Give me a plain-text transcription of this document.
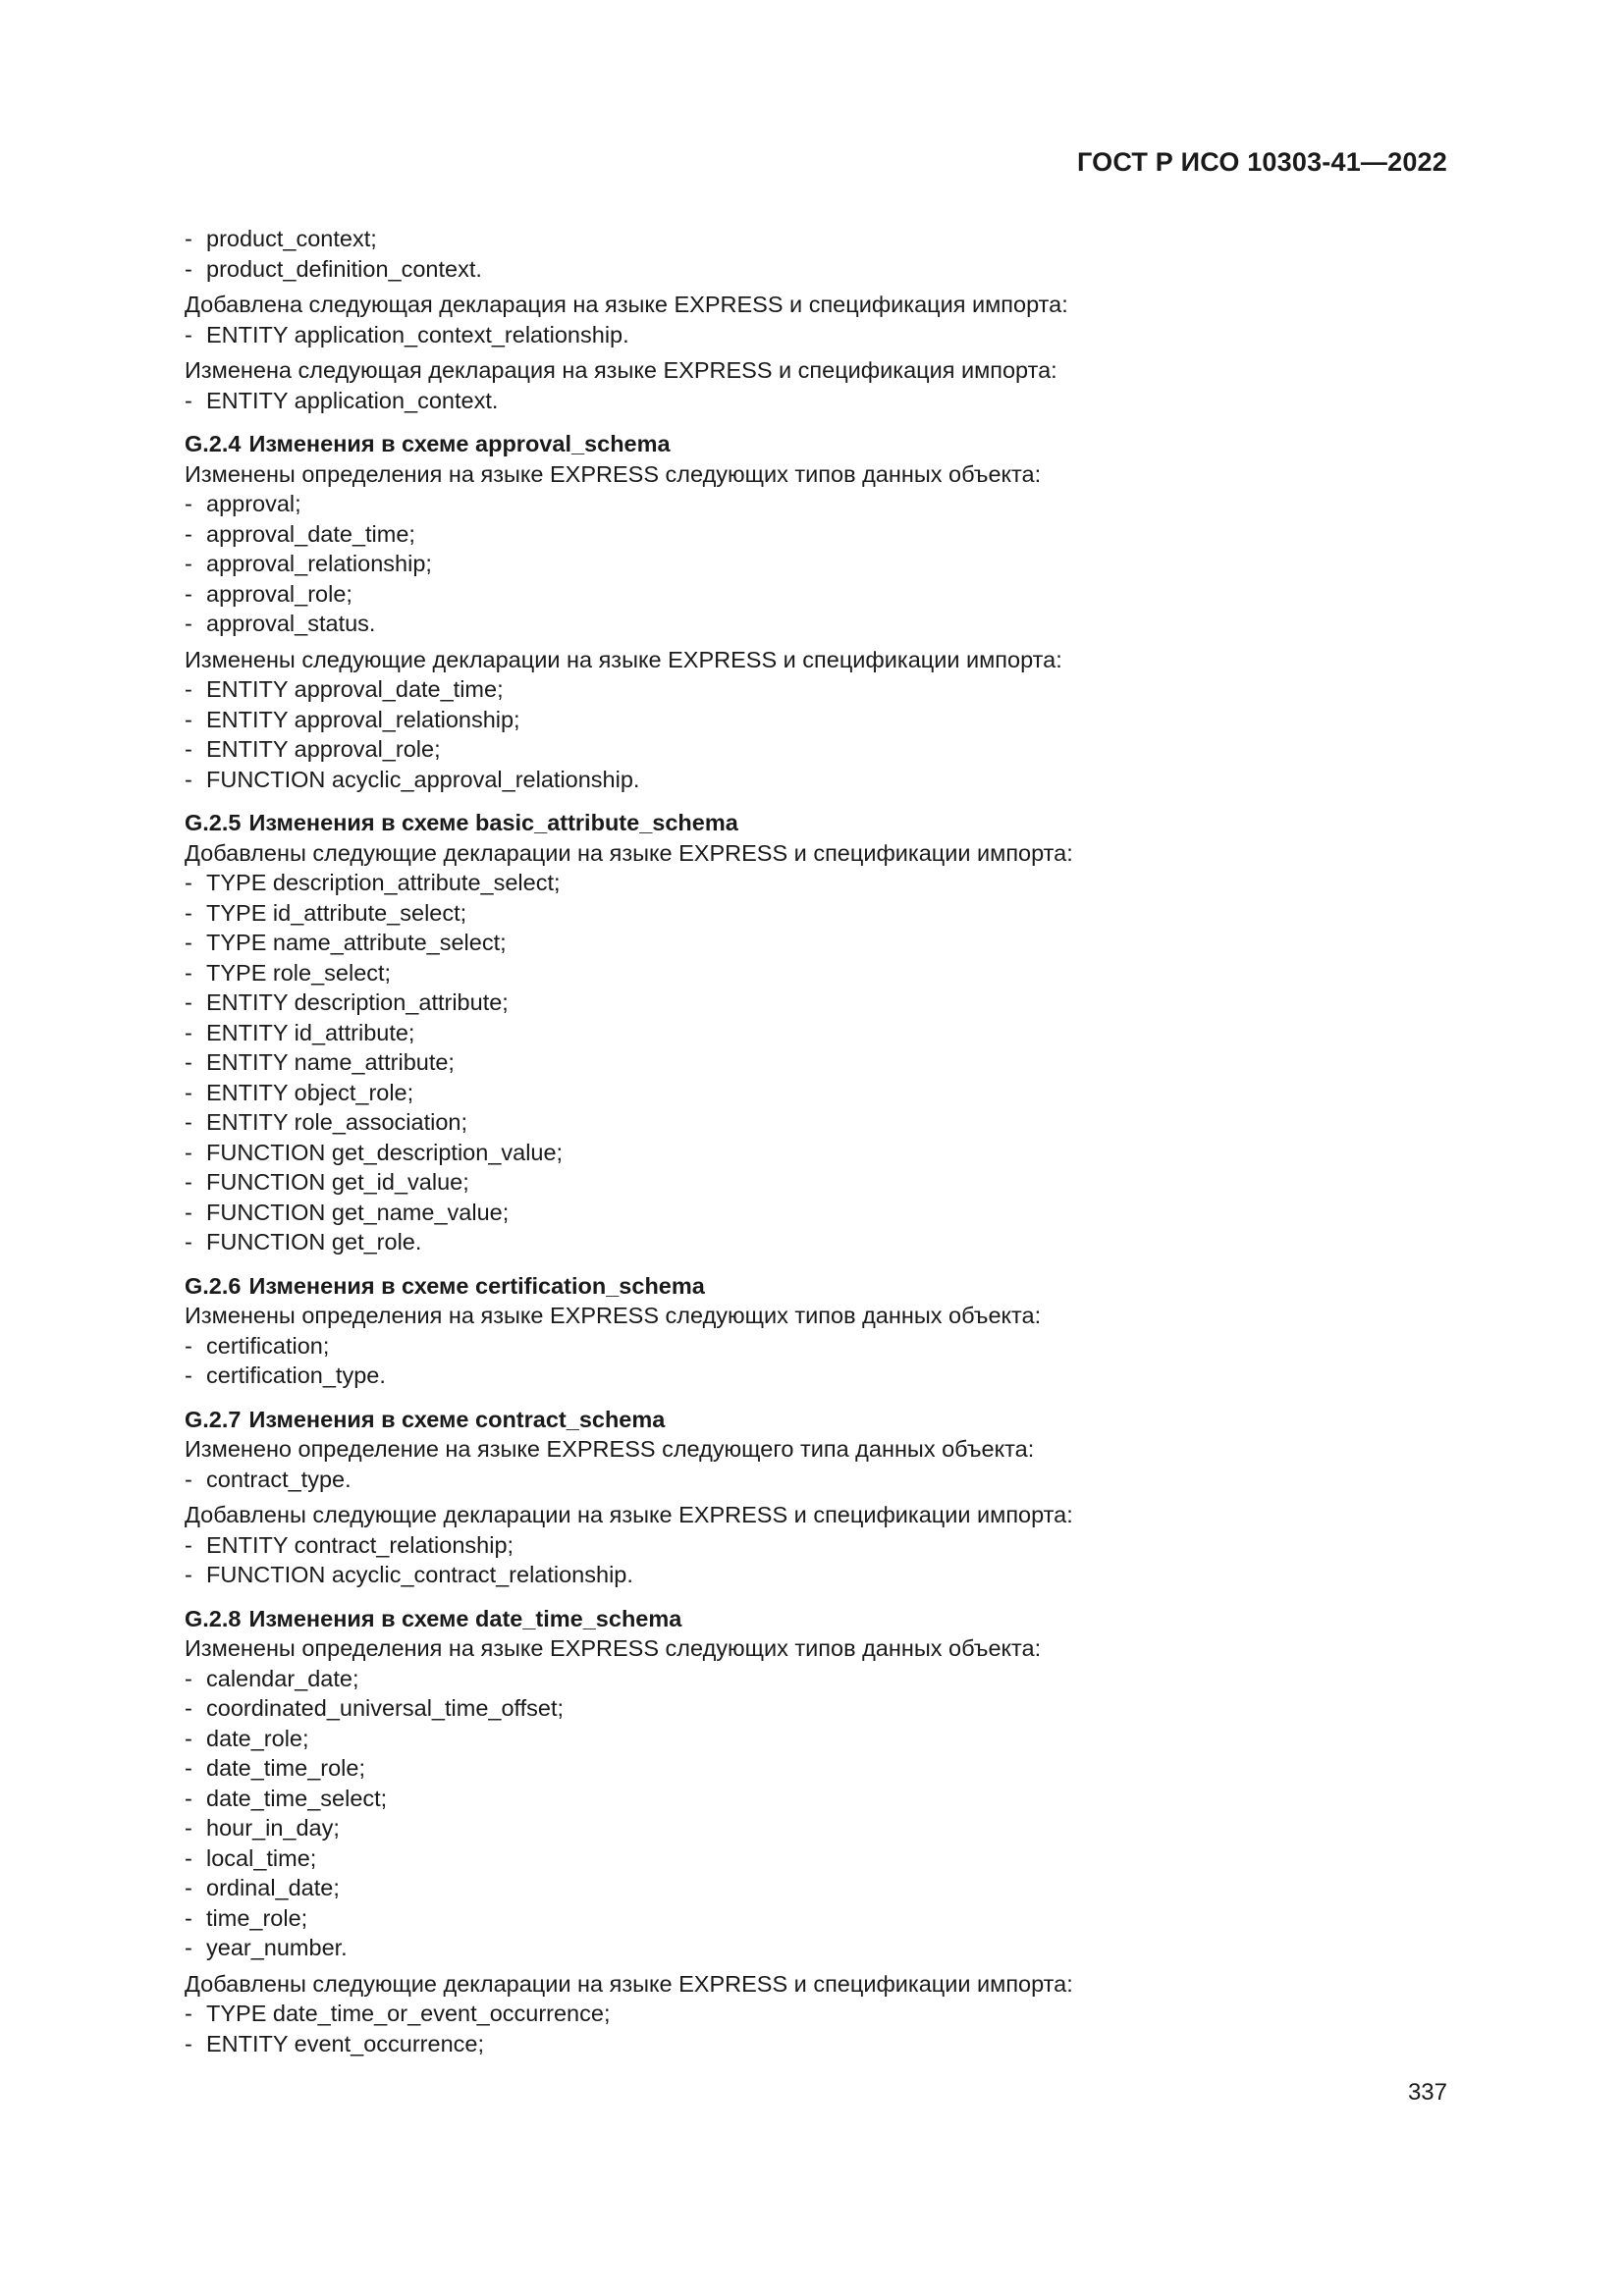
ГОСТ Р ИСО 10303-41—2022
- product_context;
- product_definition_context.
Добавлена следующая декларация на языке EXPRESS и спецификация импорта:
- ENTITY application_context_relationship.
Изменена следующая декларация на языке EXPRESS и спецификация импорта:
- ENTITY application_context.
G.2.4 Изменения в схеме approval_schema
Изменены определения на языке EXPRESS следующих типов данных объекта:
- approval;
- approval_date_time;
- approval_relationship;
- approval_role;
- approval_status.
Изменены следующие декларации на языке EXPRESS и спецификации импорта:
- ENTITY approval_date_time;
- ENTITY approval_relationship;
- ENTITY approval_role;
- FUNCTION acyclic_approval_relationship.
G.2.5 Изменения в схеме basic_attribute_schema
Добавлены следующие декларации на языке EXPRESS и спецификации импорта:
- TYPE description_attribute_select;
- TYPE id_attribute_select;
- TYPE name_attribute_select;
- TYPE role_select;
- ENTITY description_attribute;
- ENTITY id_attribute;
- ENTITY name_attribute;
- ENTITY object_role;
- ENTITY role_association;
- FUNCTION get_description_value;
- FUNCTION get_id_value;
- FUNCTION get_name_value;
- FUNCTION get_role.
G.2.6 Изменения в схеме certification_schema
Изменены определения на языке EXPRESS следующих типов данных объекта:
- certification;
- certification_type.
G.2.7 Изменения в схеме contract_schema
Изменено определение на языке EXPRESS следующего типа данных объекта:
- contract_type.
Добавлены следующие декларации на языке EXPRESS и спецификации импорта:
- ENTITY contract_relationship;
- FUNCTION acyclic_contract_relationship.
G.2.8 Изменения в схеме date_time_schema
Изменены определения на языке EXPRESS следующих типов данных объекта:
- calendar_date;
- coordinated_universal_time_offset;
- date_role;
- date_time_role;
- date_time_select;
- hour_in_day;
- local_time;
- ordinal_date;
- time_role;
- year_number.
Добавлены следующие декларации на языке EXPRESS и спецификации импорта:
- TYPE date_time_or_event_occurrence;
- ENTITY event_occurrence;
337
